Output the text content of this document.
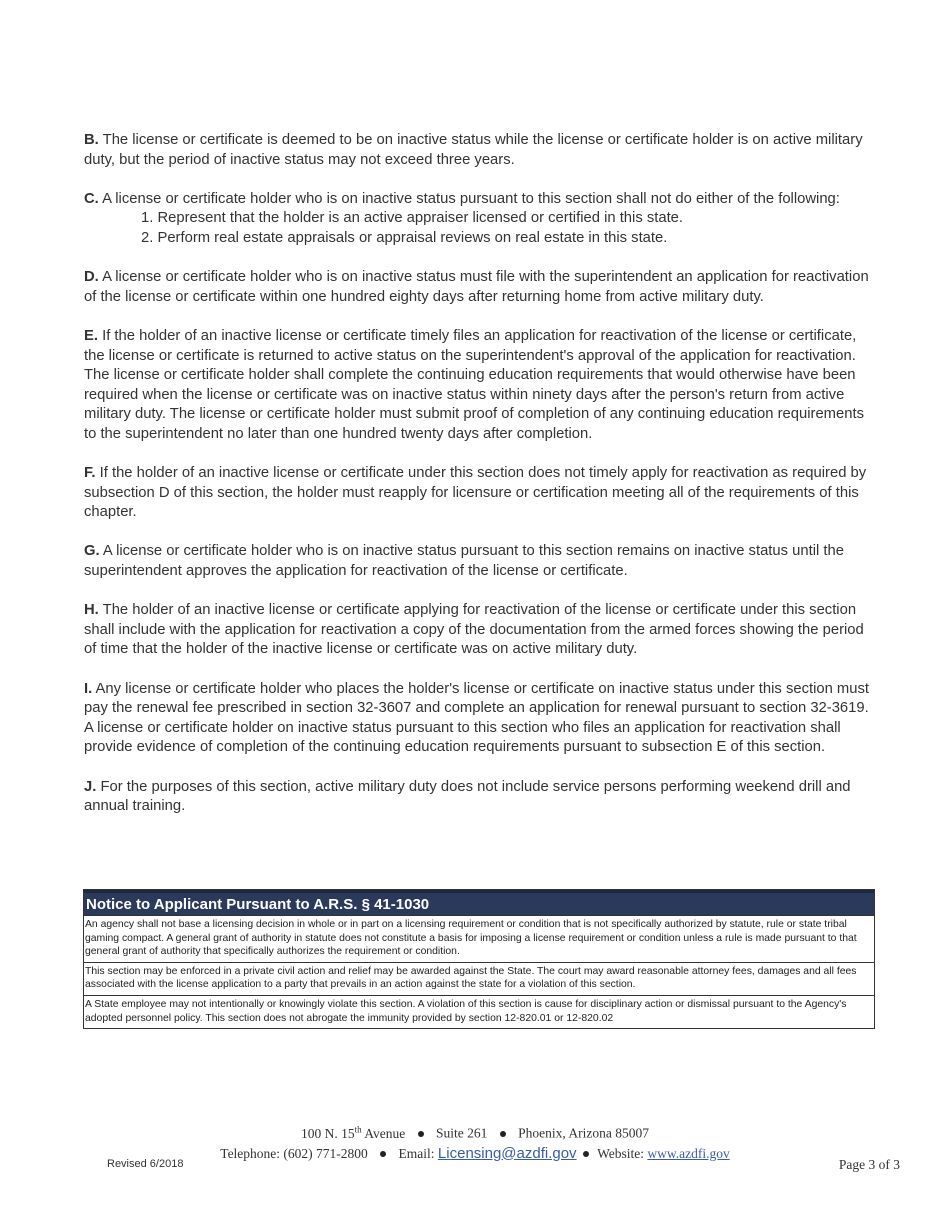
B. The license or certificate is deemed to be on inactive status while the license or certificate holder is on active military duty, but the period of inactive status may not exceed three years.

C. A license or certificate holder who is on inactive status pursuant to this section shall not do either of the following:
1. Represent that the holder is an active appraiser licensed or certified in this state.
2. Perform real estate appraisals or appraisal reviews on real estate in this state.

D. A license or certificate holder who is on inactive status must file with the superintendent an application for reactivation of the license or certificate within one hundred eighty days after returning home from active military duty.

E. If the holder of an inactive license or certificate timely files an application for reactivation of the license or certificate, the license or certificate is returned to active status on the superintendent's approval of the application for reactivation. The license or certificate holder shall complete the continuing education requirements that would otherwise have been required when the license or certificate was on inactive status within ninety days after the person's return from active military duty. The license or certificate holder must submit proof of completion of any continuing education requirements to the superintendent no later than one hundred twenty days after completion.

F. If the holder of an inactive license or certificate under this section does not timely apply for reactivation as required by subsection D of this section, the holder must reapply for licensure or certification meeting all of the requirements of this chapter.

G. A license or certificate holder who is on inactive status pursuant to this section remains on inactive status until the superintendent approves the application for reactivation of the license or certificate.

H. The holder of an inactive license or certificate applying for reactivation of the license or certificate under this section shall include with the application for reactivation a copy of the documentation from the armed forces showing the period of time that the holder of the inactive license or certificate was on active military duty.

I. Any license or certificate holder who places the holder's license or certificate on inactive status under this section must pay the renewal fee prescribed in section 32-3607 and complete an application for renewal pursuant to section 32-3619. A license or certificate holder on inactive status pursuant to this section who files an application for reactivation shall provide evidence of completion of the continuing education requirements pursuant to subsection E of this section.

J. For the purposes of this section, active military duty does not include service persons performing weekend drill and annual training.

Notice to Applicant Pursuant to A.R.S. § 41-1030
An agency shall not base a licensing decision in whole or in part on a licensing requirement or condition that is not specifically authorized by statute, rule or state tribal gaming compact. A general grant of authority in statute does not constitute a basis for imposing a license requirement or condition unless a rule is made pursuant to that general grant of authority that specifically authorizes the requirement or condition.
This section may be enforced in a private civil action and relief may be awarded against the State. The court may award reasonable attorney fees, damages and all fees associated with the license application to a party that prevails in an action against the state for a violation of this section.
A State employee may not intentionally or knowingly violate this section. A violation of this section is cause for disciplinary action or dismissal pursuant to the Agency's adopted personnel policy. This section does not abrogate the immunity provided by section 12-820.01 or 12-820.02
100 N. 15th Avenue Suite 261 Phoenix, Arizona 85007
Telephone: (602) 771-2800 Email: Licensing@azdfi.gov Website: www.azdfi.gov
Revised 6/2018	Page 3 of 3
